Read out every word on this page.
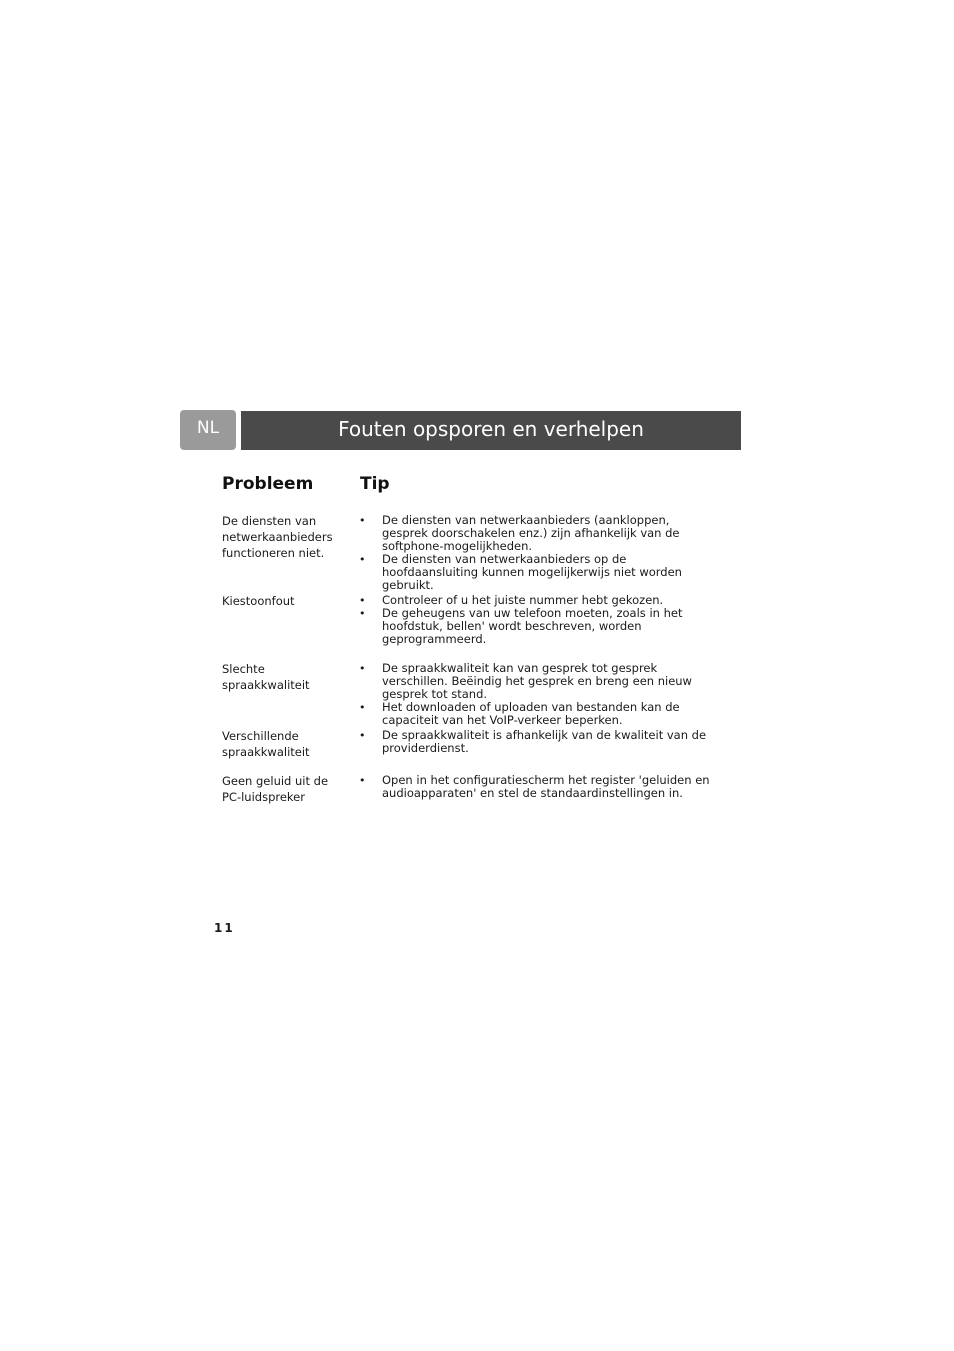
NL	Fouten opsporen en verhelpen
Probleem	Tip
De diensten van netwerkaanbieders functioneren niet.
• De diensten van netwerkaanbieders (aankloppen, gesprek doorschakelen enz.) zijn afhankelijk van de softphone-mogelijkheden.
• De diensten van netwerkaanbieders op de hoofdaansluiting kunnen mogelijkerwijs niet worden gebruikt.
Kiestoonfout
•	Controleer of u het juiste nummer hebt gekozen.
• De geheugens van uw telefoon moeten, zoals in het hoofdstuk, bellen' wordt beschreven, worden geprogrammeerd.
Slechte spraakkwaliteit
• De spraakkwaliteit kan van gesprek tot gesprek verschillen. Beëindig het gesprek en breng een nieuw gesprek tot stand.
• Het downloaden of uploaden van bestanden kan de capaciteit van het VoIP-verkeer beperken.
Verschillende spraakkwaliteit
• De spraakkwaliteit is afhankelijk van de kwaliteit van de providerdienst.
Geen geluid uit de PC-luidspreker
• Open in het configuratiescherm het register 'geluiden en audioapparaten' en stel de standaardinstellingen in.
11
